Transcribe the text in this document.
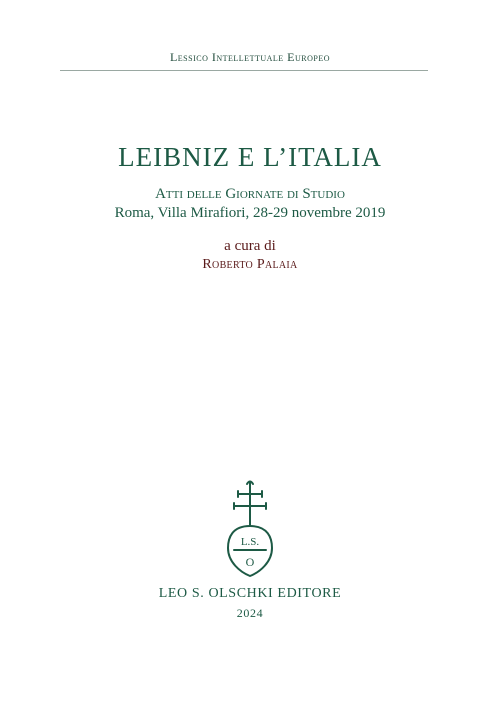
Lessico Intellettuale Europeo
LEIBNIZ E L’ITALIA
Atti delle Giornate di Studio
Roma, Villa Mirafiori, 28-29 novembre 2019
a cura di
Roberto Palaia
L.S.
O
LEO S. OLSCHKI EDITORE
2024
